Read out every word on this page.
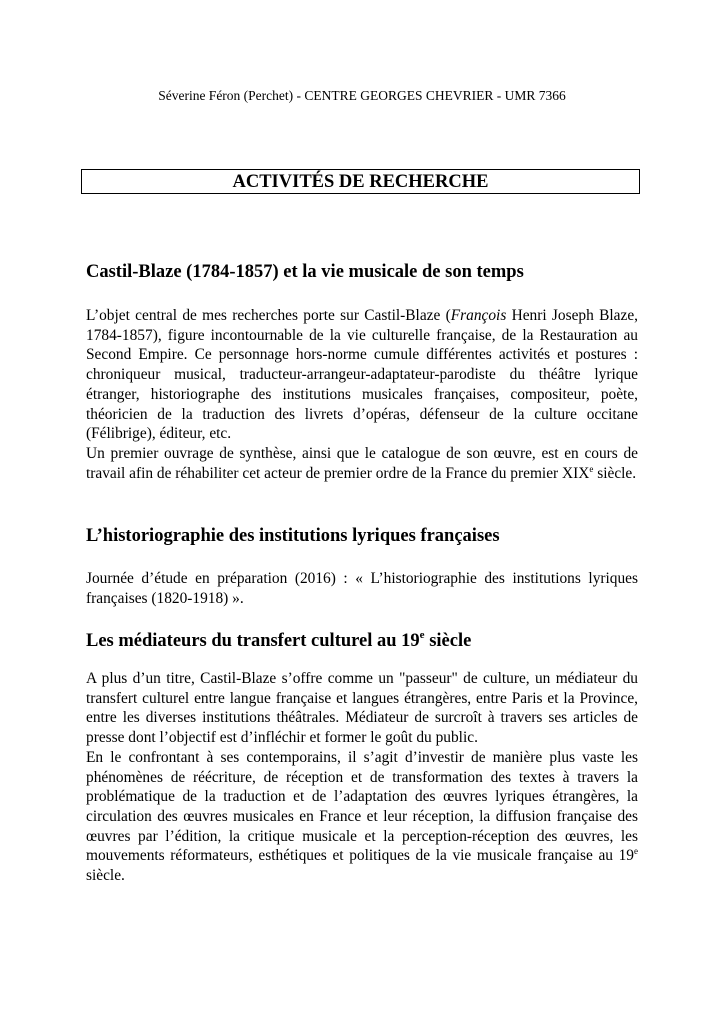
Séverine Féron (Perchet) - CENTRE GEORGES CHEVRIER - UMR 7366
ACTIVITÉS DE RECHERCHE
Castil-Blaze (1784-1857) et la vie musicale de son temps

L’objet central de mes recherches porte sur Castil-Blaze (François Henri Joseph Blaze, 1784-1857), figure incontournable de la vie culturelle française, de la Restauration au Second Empire. Ce personnage hors-norme cumule différentes activités et postures : chroniqueur musical, traducteur-arrangeur-adaptateur-parodiste du théâtre lyrique étranger, historiographe des institutions musicales françaises, compositeur, poète, théoricien de la traduction des livrets d’opéras, défenseur de la culture occitane (Félibrige), éditeur, etc.

Un premier ouvrage de synthèse, ainsi que le catalogue de son œuvre, est en cours de travail afin de réhabiliter cet acteur de premier ordre de la France du premier XIXe siècle.

L’historiographie des institutions lyriques françaises

Journée d’étude en préparation (2016) : « L’historiographie des institutions lyriques françaises (1820-1918) ».

Les médiateurs du transfert culturel au 19e siècle

A plus d’un titre, Castil-Blaze s’offre comme un "passeur" de culture, un médiateur du transfert culturel entre langue française et langues étrangères, entre Paris et la Province, entre les diverses institutions théâtrales. Médiateur de surcroît à travers ses articles de presse dont l’objectif est d’infléchir et former le goût du public.

En le confrontant à ses contemporains, il s’agit d’investir de manière plus vaste les phénomènes de réécriture, de réception et de transformation des textes à travers la problématique de la traduction et de l’adaptation des œuvres lyriques étrangères, la circulation des œuvres musicales en France et leur réception, la diffusion française des œuvres par l’édition, la critique musicale et la perception-réception des œuvres, les mouvements réformateurs, esthétiques et politiques de la vie musicale française au 19e siècle.
